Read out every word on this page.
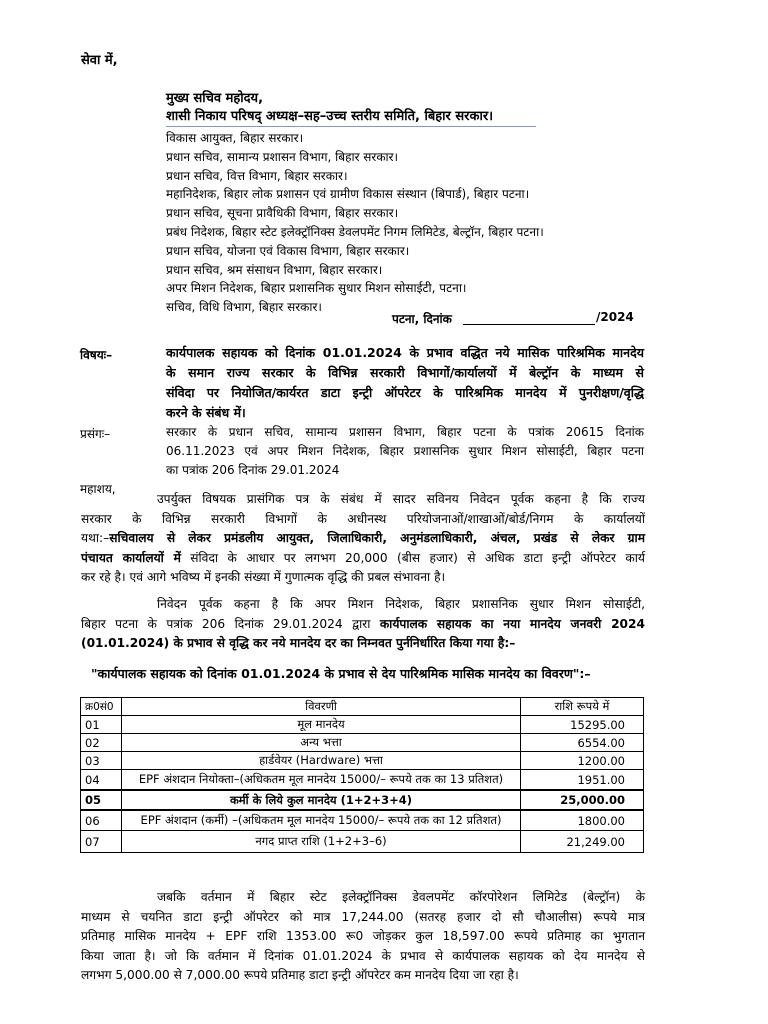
सेवा में,
मुख्य सचिव महोदय,
शासी निकाय परिषद् अध्यक्ष–सह–उच्च स्तरीय समिति, बिहार सरकार।
विकास आयुक्त, बिहार सरकार।
प्रधान सचिव, सामान्य प्रशासन विभाग, बिहार सरकार।
प्रधान सचिव, वित्त विभाग, बिहार सरकार।
महानिदेशक, बिहार लोक प्रशासन एवं ग्रामीण विकास संस्थान (बिपार्ड), बिहार पटना।
प्रधान सचिव, सूचना प्रावैधिकी विभाग, बिहार सरकार।
प्रबंध निदेशक, बिहार स्टेट इलेक्ट्रॉनिक्स डेवलपमेंट निगम लिमिटेड, बेल्ट्रॉन, बिहार पटना।
प्रधान सचिव, योजना एवं विकास विभाग, बिहार सरकार।
प्रधान सचिव, श्रम संसाधन विभाग, बिहार सरकार।
अपर मिशन निदेशक, बिहार प्रशासनिक सुधार मिशन सोसाईटी, पटना।
सचिव, विधि विभाग, बिहार सरकार।
पटना, दिनांक	/2024
विषयः–	कार्यपालक सहायक को दिनांक 01.01.2024 के प्रभाव वद्धित नये मासिक पारिश्रमिक मानदेय
के समान राज्य सरकार के विभिन्न सरकारी विभागों/कार्यालयों में बेल्ट्रॉन के माध्यम से
संविदा पर नियोजित/कार्यरत डाटा इन्ट्री ऑपरेटर के पारिश्रमिक मानदेय में पुनरीक्षण/वृद्धि
करने के संबंध में।
प्रसंगः–	सरकार के प्रधान सचिव, सामान्य प्रशासन विभाग, बिहार पटना के पत्रांक 20615 दिनांक
06.11.2023 एवं अपर मिशन निदेशक, बिहार प्रशासनिक सुधार मिशन सोसाईटी, बिहार पटना
का पत्रांक 206 दिनांक 29.01.2024
महाशय,
उपर्युक्त विषयक प्रासंगिक पत्र के संबंध में सादर सविनय निवेदन पूर्वक कहना है कि राज्य
सरकार के विभिन्न सरकारी विभागों के अधीनस्थ परियोजनाओं/शाखाओं/बोर्ड/निगम के कार्यालयों
यथा:–सचिवालय से लेकर प्रमंडलीय आयुक्त, जिलाधिकारी, अनुमंडलाधिकारी, अंचल, प्रखंड से लेकर ग्राम
पंचायत कार्यालयों में संविदा के आधार पर लगभग 20,000 (बीस हजार) से अधिक डाटा इन्ट्री ऑपरेटर कार्य
कर रहे है। एवं आगे भविष्य में इनकी संख्या में गुणात्मक वृद्धि की प्रबल संभावना है।
निवेदन पूर्वक कहना है कि अपर मिशन निदेशक, बिहार प्रशासनिक सुधार मिशन सोसाईटी,
बिहार पटना के पत्रांक 206 दिनांक 29.01.2024 द्वारा कार्यपालक सहायक का नया मानदेय जनवरी 2024
(01.01.2024) के प्रभाव से वृद्धि कर नये मानदेय दर का निम्नवत पुर्ननिर्धारित किया गया है:–
"कार्यपालक सहायक को दिनांक 01.01.2024 के प्रभाव से देय पारिश्रमिक मासिक मानदेय का विवरण":–
क्र0सं0	विवरणी	राशि रूपये में
01	मूल मानदेय	15295.00
02	अन्य भत्ता	6554.00
03	हार्डवेयर (Hardware) भत्ता	1200.00
04	EPF अंशदान नियोक्ता–(अधिकतम मूल मानदेय 15000/– रूपये तक का 13 प्रतिशत)	1951.00
05	कर्मी के लिये कुल मानदेय (1+2+3+4)	25,000.00
06	EPF अंशदान (कर्मी) –(अधिकतम मूल मानदेय 15000/– रूपये तक का 12 प्रतिशत)	1800.00
07	नगद प्राप्त राशि (1+2+3–6)	21,249.00
जबकि वर्तमान में बिहार स्टेट इलेक्ट्रॉनिक्स डेवलपमेंट कॉरपोरेशन लिमिटेड (बेल्ट्रॉन) के
माध्यम से चयनित डाटा इन्ट्री ऑपरेटर को मात्र 17,244.00 (सतरह हजार दो सौ चौआलीस) रूपये मात्र
प्रतिमाह मासिक मानदेय + EPF राशि 1353.00 रू0 जोड़कर कुल 18,597.00 रूपये प्रतिमाह का भुगतान
किया जाता है। जो कि वर्तमान में दिनांक 01.01.2024 के प्रभाव से कार्यपालक सहायक को देय मानदेय से
लगभग 5,000.00 से 7,000.00 रूपये प्रतिमाह डाटा इन्ट्री ऑपरेटर कम मानदेय दिया जा रहा है।
